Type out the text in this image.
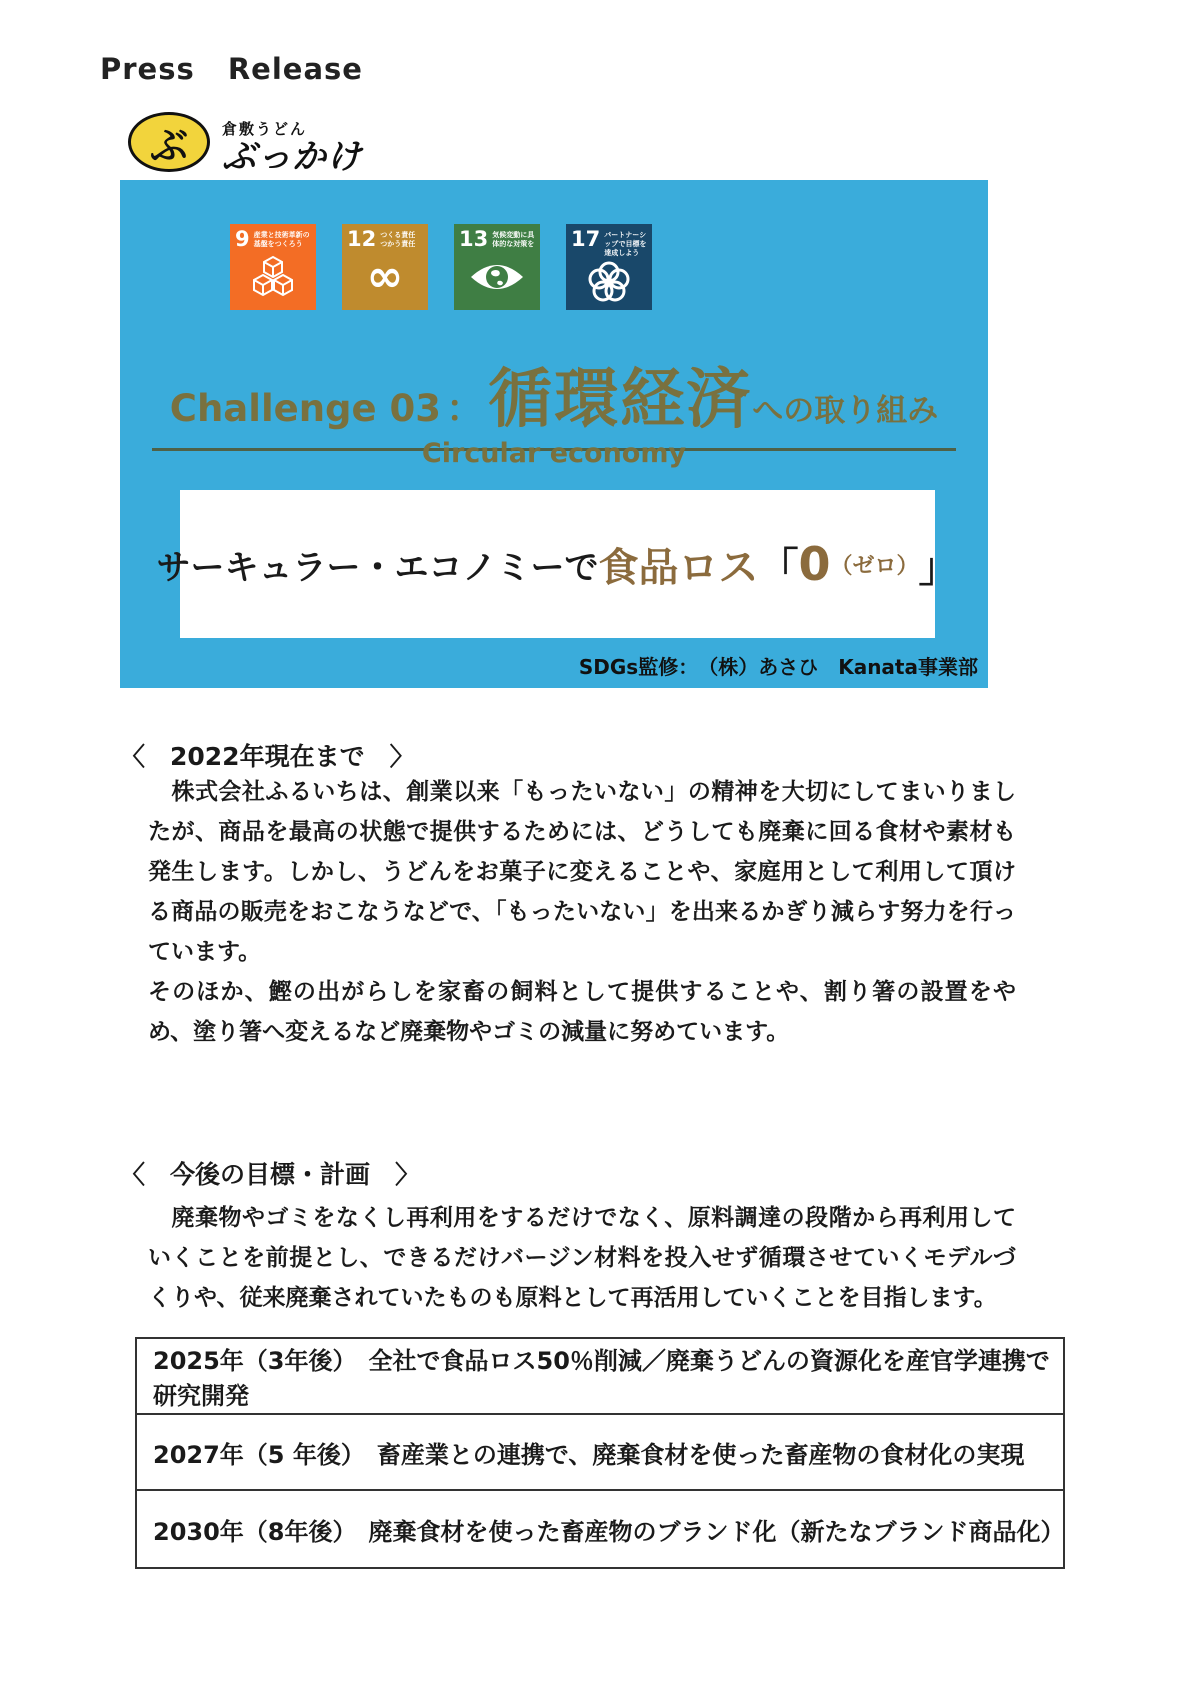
Press Release
ぶ	倉敷うどん
ぶっかけ
9 産業と技術革新の基盤をつくろう	12 つくる責任 つかう責任
∞
13 気候変動に具体的な対策を 17 パートナーシップで目標を達成しよう
Challenge 03 ： 循環経済への取り組み
Circular economy
サーキュラー・エコノミーで 食品ロス 「 0 （ゼロ） 」
SDGs監修：　（株）あさひ　Kanata事業部
〈　2022年現在まで　〉

　株式会社ふるいちは、創業以来「もったいない」の精神を大切にしてまいりましたが、商品を最高の状態で提供するためには、どうしても廃棄に回る食材や素材も発生します。しかし、うどんをお菓子に変えることや、家庭用として利用して頂ける商品の販売をおこなうなどで、「もったいない」を出来るかぎり減らす努力を行っています。

そのほか、鰹の出がらしを家畜の飼料として提供することや、割り箸の設置をやめ、塗り箸へ変えるなど廃棄物やゴミの減量に努めています。

〈　今後の目標・計画　〉

　廃棄物やゴミをなくし再利用をするだけでなく、原料調達の段階から再利用していくことを前提とし、できるだけバージン材料を投入せず循環させていくモデルづくりや、従来廃棄されていたものも原料として再活用していくことを目指します。

2025年（3年後）　全社で食品ロス50％削減／廃棄うどんの資源化を産官学連携で研究開発
2027年（5 年後）　畜産業との連携で、廃棄食材を使った畜産物の食材化の実現
2030年（8年後）　廃棄食材を使った畜産物のブランド化（新たなブランド商品化）
